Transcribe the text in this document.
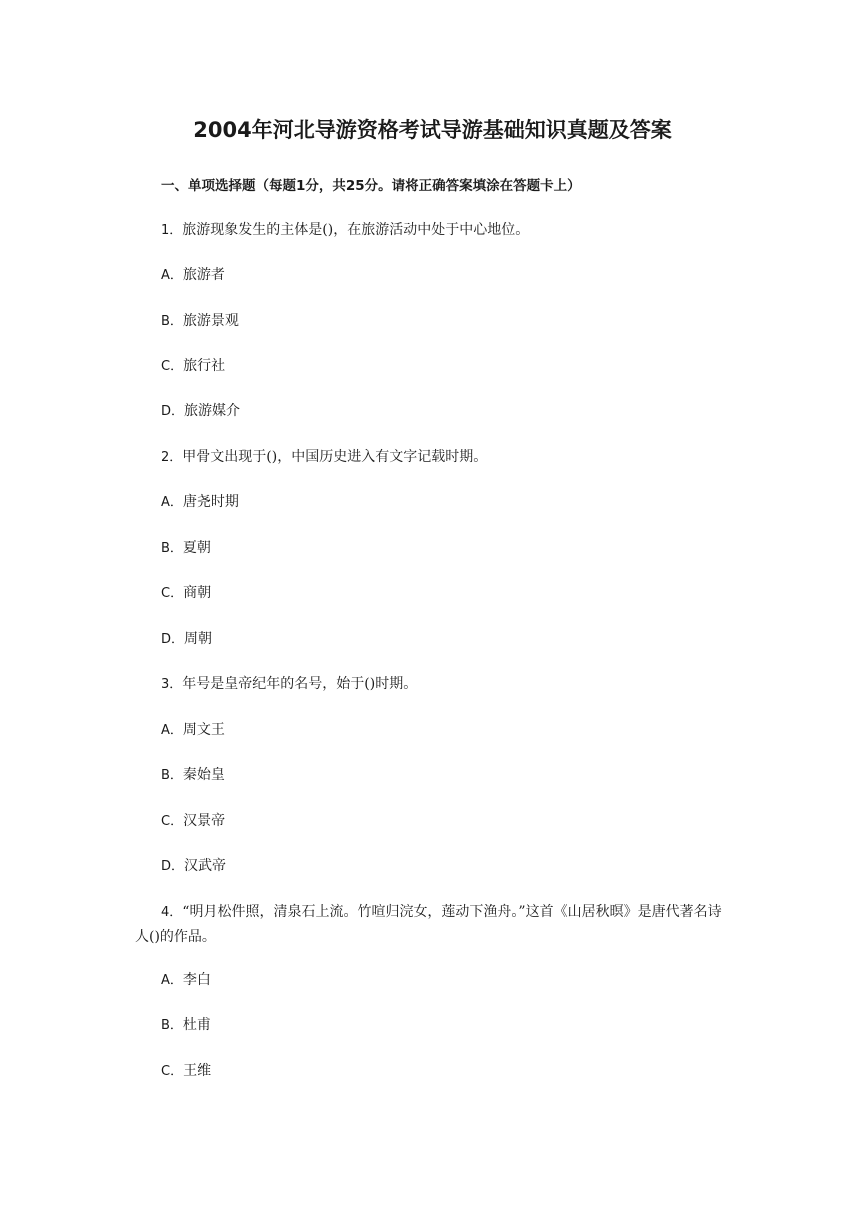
2004年河北导游资格考试导游基础知识真题及答案
一、单项选择题（每题1分，共25分。请将正确答案填涂在答题卡上）
1．旅游现象发生的主体是()，在旅游活动中处于中心地位。
A．旅游者
B．旅游景观
C．旅行社
D．旅游媒介
2．甲骨文出现于()，中国历史进入有文字记载时期。
A．唐尧时期
B．夏朝
C．商朝
D．周朝
3．年号是皇帝纪年的名号，始于()时期。
A．周文王
B．秦始皇
C．汉景帝
D．汉武帝
4．“明月松件照，清泉石上流。竹喧归浣女，莲动下渔舟。”这首《山居秋暝》是唐代著名诗人()的作品。
A．李白
B．杜甫
C．王维
